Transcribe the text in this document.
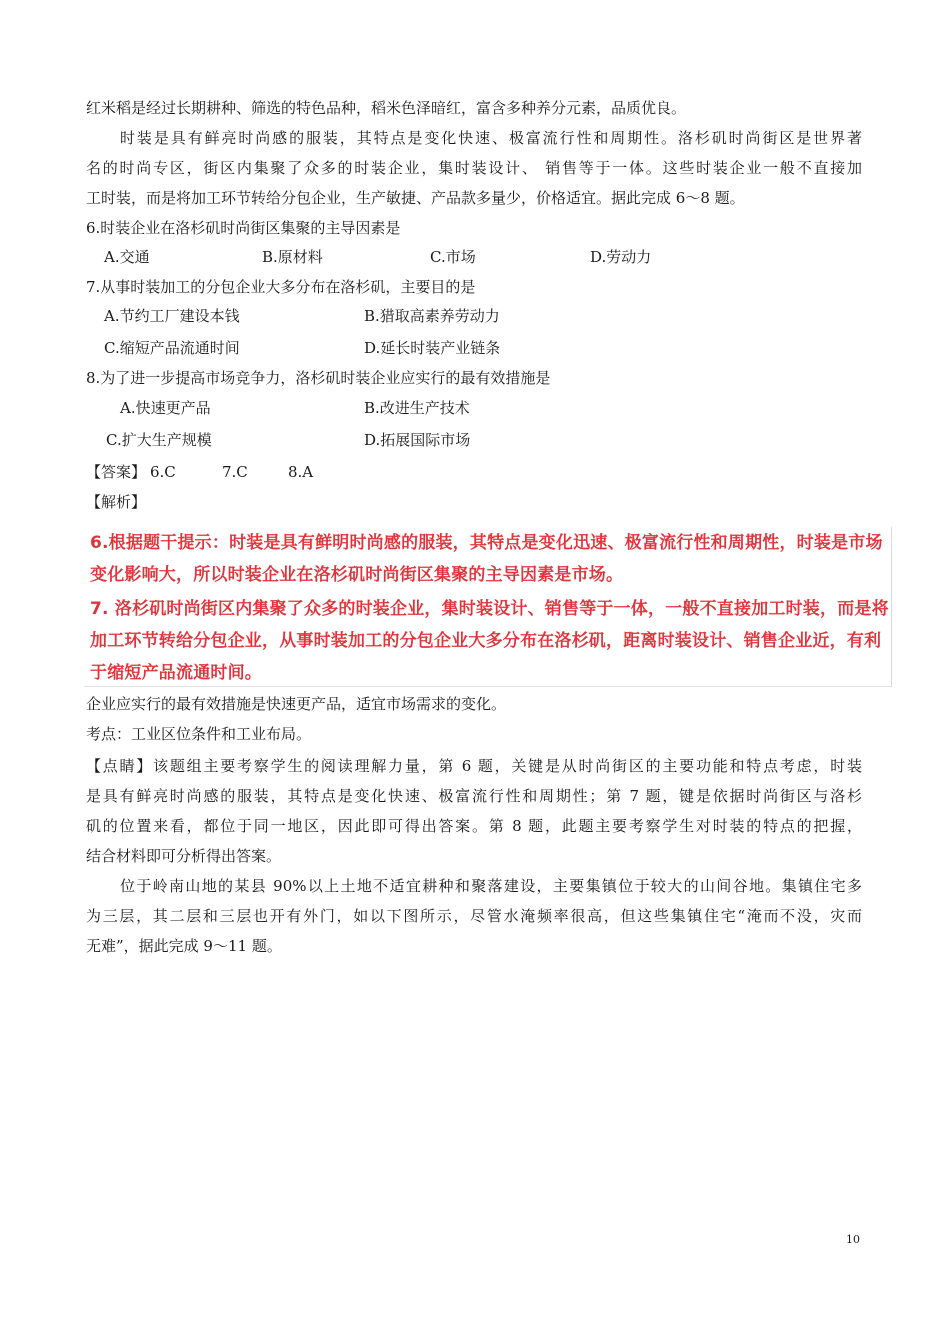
红米稻是经过长期耕种、筛选的特色品种，稻米色泽暗红，富含多种养分元素，品质优良。
时装是具有鲜亮时尚感的服装，其特点是变化快速、极富流行性和周期性。洛杉矶时尚街区是世界著
名的时尚专区，街区内集聚了众多的时装企业，集时装设计、 销售等于一体。这些时装企业一般不直接加
工时装，而是将加工环节转给分包企业，生产敏捷、产品款多量少，价格适宜。据此完成 6～8 题。
6.时装企业在洛杉矶时尚街区集聚的主导因素是
A.交通	B.原材料	C.市场	D.劳动力
7.从事时装加工的分包企业大多分布在洛杉矶，主要目的是
A.节约工厂建设本钱	B.猎取高素养劳动力
C.缩短产品流通时间	D.延长时装产业链条
8.为了进一步提高市场竞争力，洛杉矶时装企业应实行的最有效措施是
A.快速更产品	B.改进生产技术
C.扩大生产规模	D.拓展国际市场
【答案】 6.C	7.C	8.A
【解析】
6.根据题干提示：时装是具有鲜明时尚感的服装，其特点是变化迅速、极富流行性和周期性，时装是市场
变化影响大，所以时装企业在洛杉矶时尚街区集聚的主导因素是市场。
7. 洛杉矶时尚街区内集聚了众多的时装企业，集时装设计、销售等于一体，一般不直接加工时装，而是将
加工环节转给分包企业，从事时装加工的分包企业大多分布在洛杉矶，距离时装设计、销售企业近，有利
于缩短产品流通时间。
企业应实行的最有效措施是快速更产品，适宜市场需求的变化。
考点：工业区位条件和工业布局。
【点睛】该题组主要考察学生的阅读理解力量，第 6 题，关键是从时尚街区的主要功能和特点考虑，时装
是具有鲜亮时尚感的服装，其特点是变化快速、极富流行性和周期性；第 7 题，键是依据时尚街区与洛杉
矶的位置来看，都位于同一地区，因此即可得出答案。第 8 题，此题主要考察学生对时装的特点的把握，
结合材料即可分析得出答案。
位于岭南山地的某县 90%以上土地不适宜耕种和聚落建设，主要集镇位于较大的山间谷地。集镇住宅多
为三层，其二层和三层也开有外门，如以下图所示，尽管水淹频率很高，但这些集镇住宅“淹而不没，灾而
无难”，据此完成 9～11 题。
10
